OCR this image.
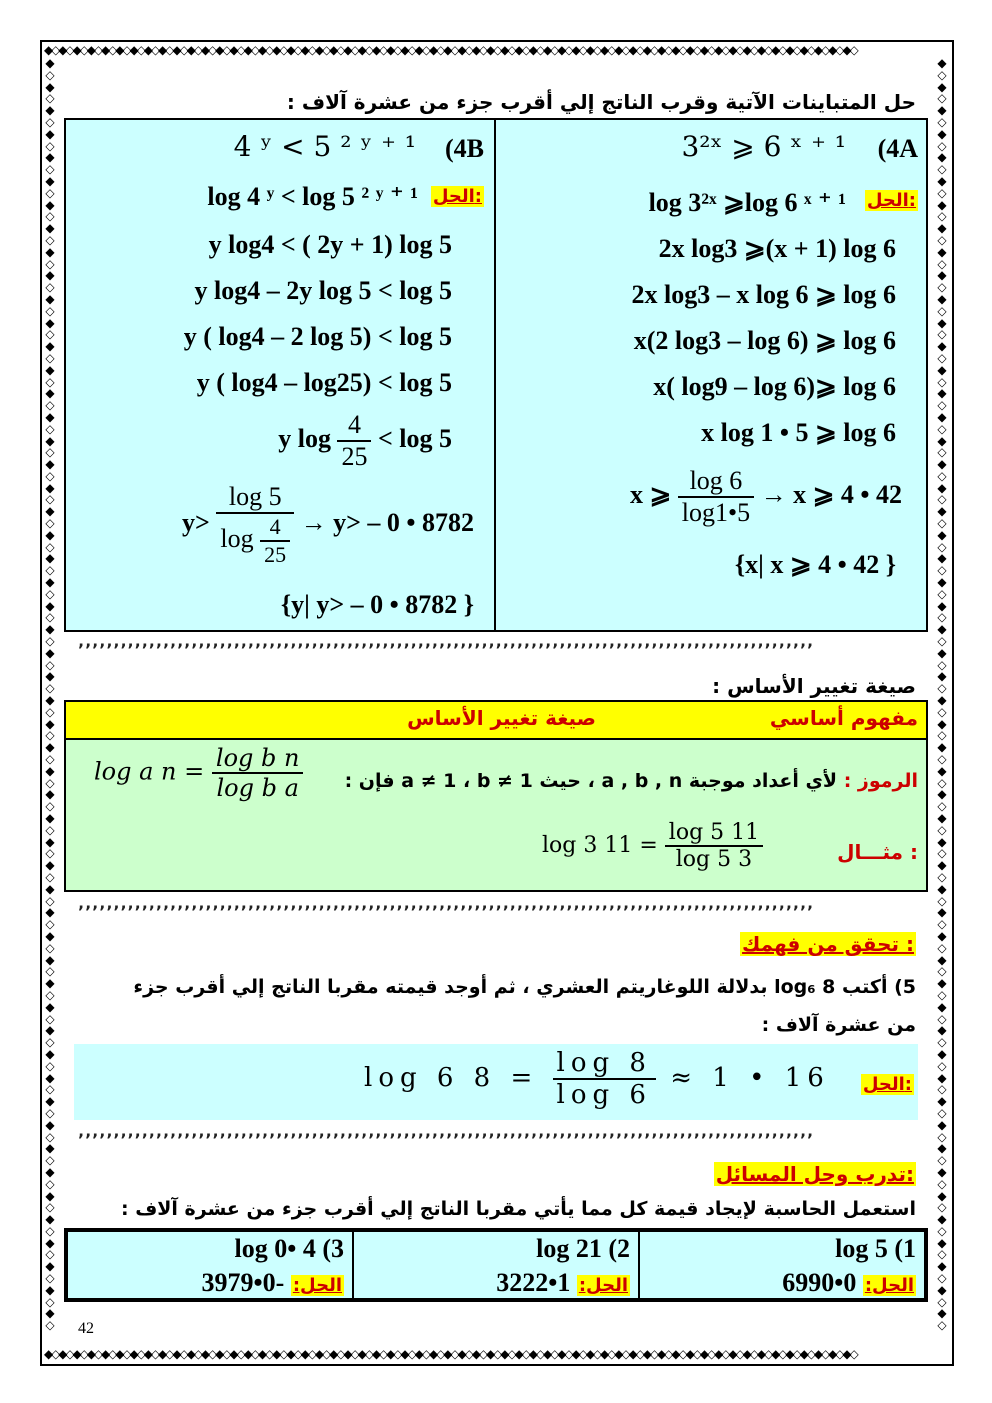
◆◇◆◇◆◇◆◇◆◇◆◇◆◇◆◇◆◇◆◇◆◇◆◇◆◇◆◇◆◇◆◇◆◇◆◇◆◇◆◇◆◇◆◇◆◇◆◇◆◇◆◇◆◇◆◇◆◇◆◇◆◇◆◇◆◇◆◇◆◇◆◇◆◇◆◇◆◇◆◇◆◇◆◇◆◇◆◇◆◇◆◇◆◇◆◇◆◇◆◇◆◇◆◇◆◇◆◇◆◇◆◇◆◇
◆◇◆◇◆◇◆◇◆◇◆◇◆◇◆◇◆◇◆◇◆◇◆◇◆◇◆◇◆◇◆◇◆◇◆◇◆◇◆◇◆◇◆◇◆◇◆◇◆◇◆◇◆◇◆◇◆◇◆◇◆◇◆◇◆◇◆◇◆◇◆◇◆◇◆◇◆◇◆◇◆◇◆◇◆◇◆◇◆◇◆◇◆◇◆◇◆◇◆◇◆◇◆◇◆◇◆◇◆◇◆◇◆◇
◆
◇
◆
◇
◆
◇
◆
◇
◆
◇
◆
◇
◆
◇
◆
◇
◆
◇
◆
◇
◆
◇
◆
◇
◆
◇
◆
◇
◆
◇
◆
◇
◆
◇
◆
◇
◆
◇
◆
◇
◆
◇
◆
◇
◆
◇
◆
◇
◆
◇
◆
◇
◆
◇
◆
◇
◆
◇
◆
◇
◆
◇
◆
◇
◆
◇
◆
◇
◆
◇
◆
◇
◆
◇
◆
◇
◆
◇
◆
◇
◆
◇
◆
◇
◆
◇
◆
◇
◆
◇
◆
◇
◆
◇
◆
◇
◆
◇
◆
◇
◆
◇
◆
◇
◆
◇
◆
◇
◆
◇
◆
◇
◆
◇
◆
◇
◆
◇
◆
◇
◆
◇
◆
◇
◆
◇
◆
◇
◆
◇
◆
◇
◆
◇
◆
◇
◆
◇
◆
◇
◆
◇
◆
◇
◆
◇
◆
◇
◆
◇
◆
◇
◆
◇
◆
◇
◆
◇
◆
◇
◆
◇
◆
◇
◆
◇
◆
◇
◆
◇
◆
◇
◆
◇
◆
◇
◆
◇
◆
◇
◆
◇
◆
◇
◆
◇
◆
◇
◆
◇
◆
◇
◆
◇
◆
◇
◆
◇
◆
◇
◆
◇
◆
◇
◆
◇
◆
◇
◆
◇
◆
◇
◆
◇
◆
◇
حل المتباينات الآتية وقرب الناتج إلي أقرب جزء من عشرة آلاف :
(4A
3²ˣ ⩾ 6 ˣ ⁺ ¹
الحل:
log 3²ˣ ⩾log 6 ˣ ⁺ ¹
2x log3 ⩾(x + 1) log 6
2x log3 – x log 6 ⩾ log 6
x(2 log3 – log 6) ⩾ log 6
x( log9 – log 6)⩾ log 6
x log 1 • 5 ⩾ log 6
x ⩾ $\frac{\log 6}{\log 1•5} \to x$ ⩾ 4 • 42
{x| x ⩾ 4 • 42 }
(4B
4 ʸ < 5 ² ʸ ⁺ ¹
الحل:
log 4 ʸ < log 5 ² ʸ ⁺ ¹
y log4 < ( 2y + 1) log 5
y log4 – 2y log 5 < log 5
y ( log4 – 2 log 5) < log 5
y ( log4 – log25) < log 5
y $\log \frac{4}{25} < \log 5$
$y> \frac{\log 5}{\log \frac{4}{25}} \to y> - 0$ • 8782
{y| y> – 0 • 8782 }
’’’’’’’’’’’’’’’’’’’’’’’’’’’’’’’’’’’’’’’’’’’’’’’’’’’’’’’’’’’’’’’’’’’’’’’’’’’’’’’’’’’’’’’’’’’’’’’’’’’’’’’’
صيغة تغيير الأساس :
مفهوم أساسي
صيغة تغيير الأساس
الرموز : لأي أعداد موجبة a , b , n ، حيث a ≠ 1 ، b ≠ 1 فإن :
log a $n = \frac{\text{log b n}}{\text{log b a}}$
مثـــال :
log 3 $11 = \frac{\log 5 11}{\log 5 3}$
’’’’’’’’’’’’’’’’’’’’’’’’’’’’’’’’’’’’’’’’’’’’’’’’’’’’’’’’’’’’’’’’’’’’’’’’’’’’’’’’’’’’’’’’’’’’’’’’’’’’’’’’
تحقق من فهمك :
5) أكتب log₆ 8 بدلالة اللوغاريتم العشري ، ثم أوجد قيمته مقربا الناتج إلي أقرب جزء
من عشرة آلاف :
الحل:
log 6 $8 = \frac{\log 8}{\log 6} \approx 1$ • 16
’’’’’’’’’’’’’’’’’’’’’’’’’’’’’’’’’’’’’’’’’’’’’’’’’’’’’’’’’’’’’’’’’’’’’’’’’’’’’’’’’’’’’’’’’’’’’’’’’’’’’’’’
تدرب وحل المسائل:
استعمل الحاسبة لإيجاد قيمة كل مما يأتي مقربا الناتج إلي أقرب جزء من عشرة آلاف :
log 5 (1
الحل: 0•6990
log 21 (2
الحل: 1•3222
log 0• 4 (3
الحل: -0•3979
42
